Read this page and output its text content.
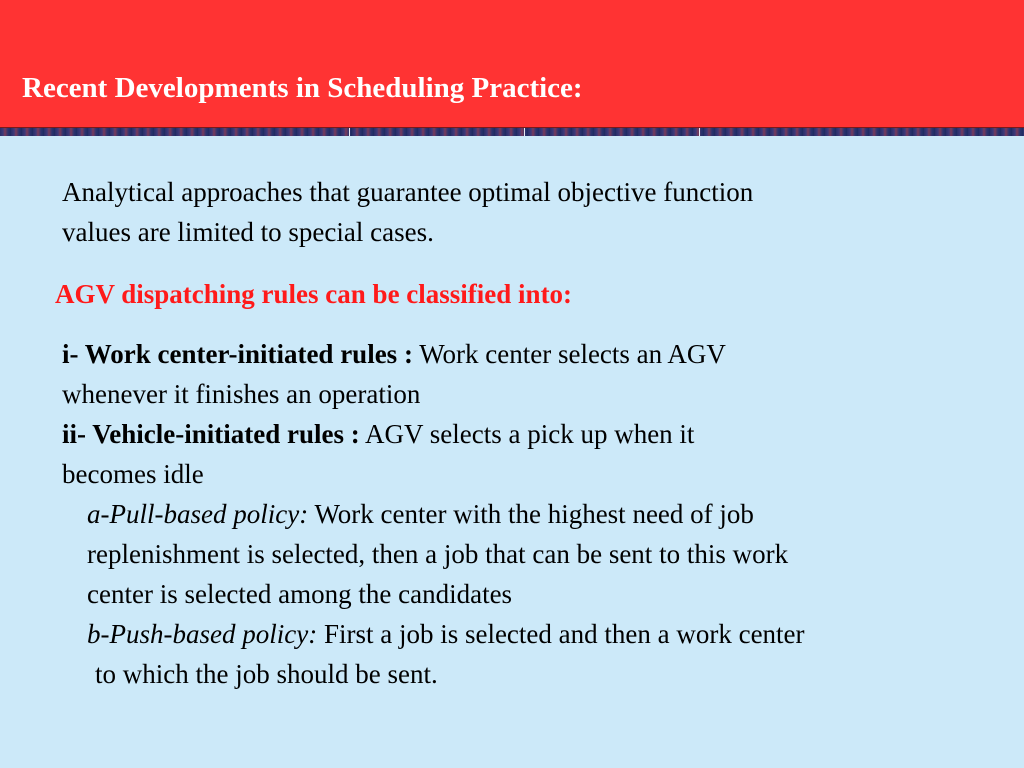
Recent Developments in Scheduling Practice:
Analytical approaches that guarantee optimal objective function
values are limited to special cases.
AGV dispatching rules can be classified into:
i- Work center-initiated rules : Work center selects an AGV
whenever it finishes an operation
ii- Vehicle-initiated rules : AGV selects a pick up when it
becomes idle
a-Pull-based policy: Work center with the highest need of job
replenishment is selected, then a job that can be sent to this work
center is selected among the candidates
b-Push-based policy: First a job is selected and then a work center
to which the job should be sent.
